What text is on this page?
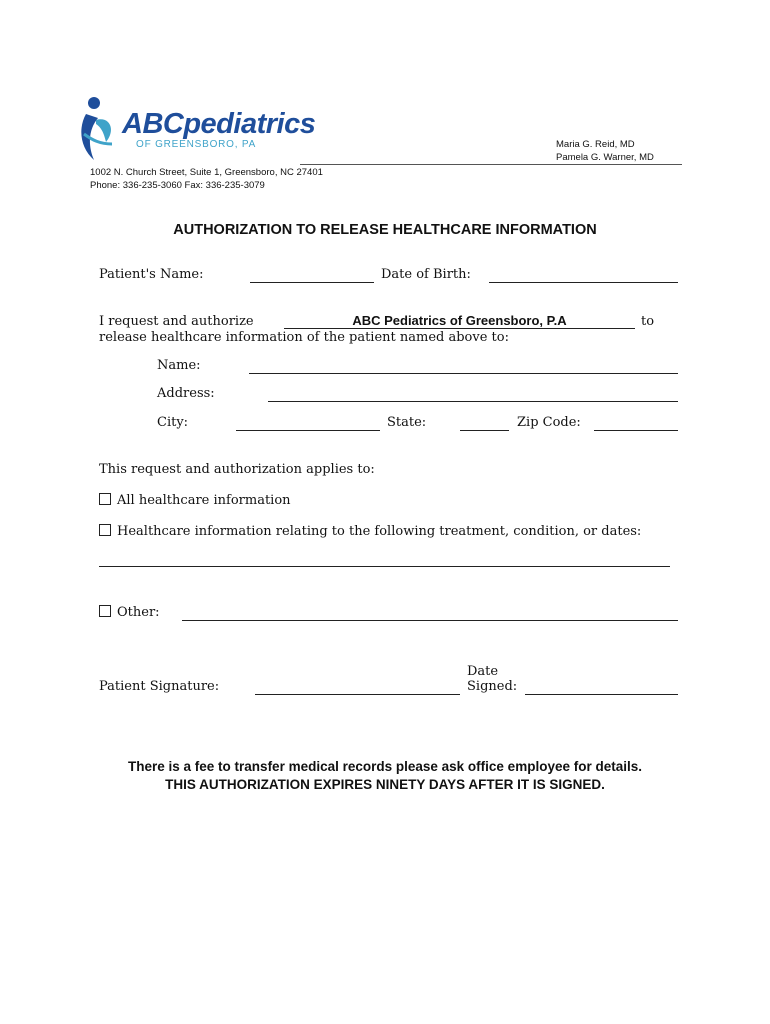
ABCpediatrics
OF GREENSBORO, PA	Maria G. Reid, MD
Pamela G. Warner, MD
1002 N. Church Street, Suite 1, Greensboro, NC 27401
Phone: 336-235-3060 Fax: 336-235-3079
AUTHORIZATION TO RELEASE HEALTHCARE INFORMATION
Patient's Name:	Date of Birth:
I request and authorize	ABC Pediatrics of Greensboro, P.A	to
release healthcare information of the patient named above to:
Name:
Address:
City:	State:	Zip Code:
This request and authorization applies to:
All healthcare information
Healthcare information relating to the following treatment, condition, or dates:
Other:
Patient Signature:
Date
Signed:
There is a fee to transfer medical records please ask office employee for details.
THIS AUTHORIZATION EXPIRES NINETY DAYS AFTER IT IS SIGNED.
